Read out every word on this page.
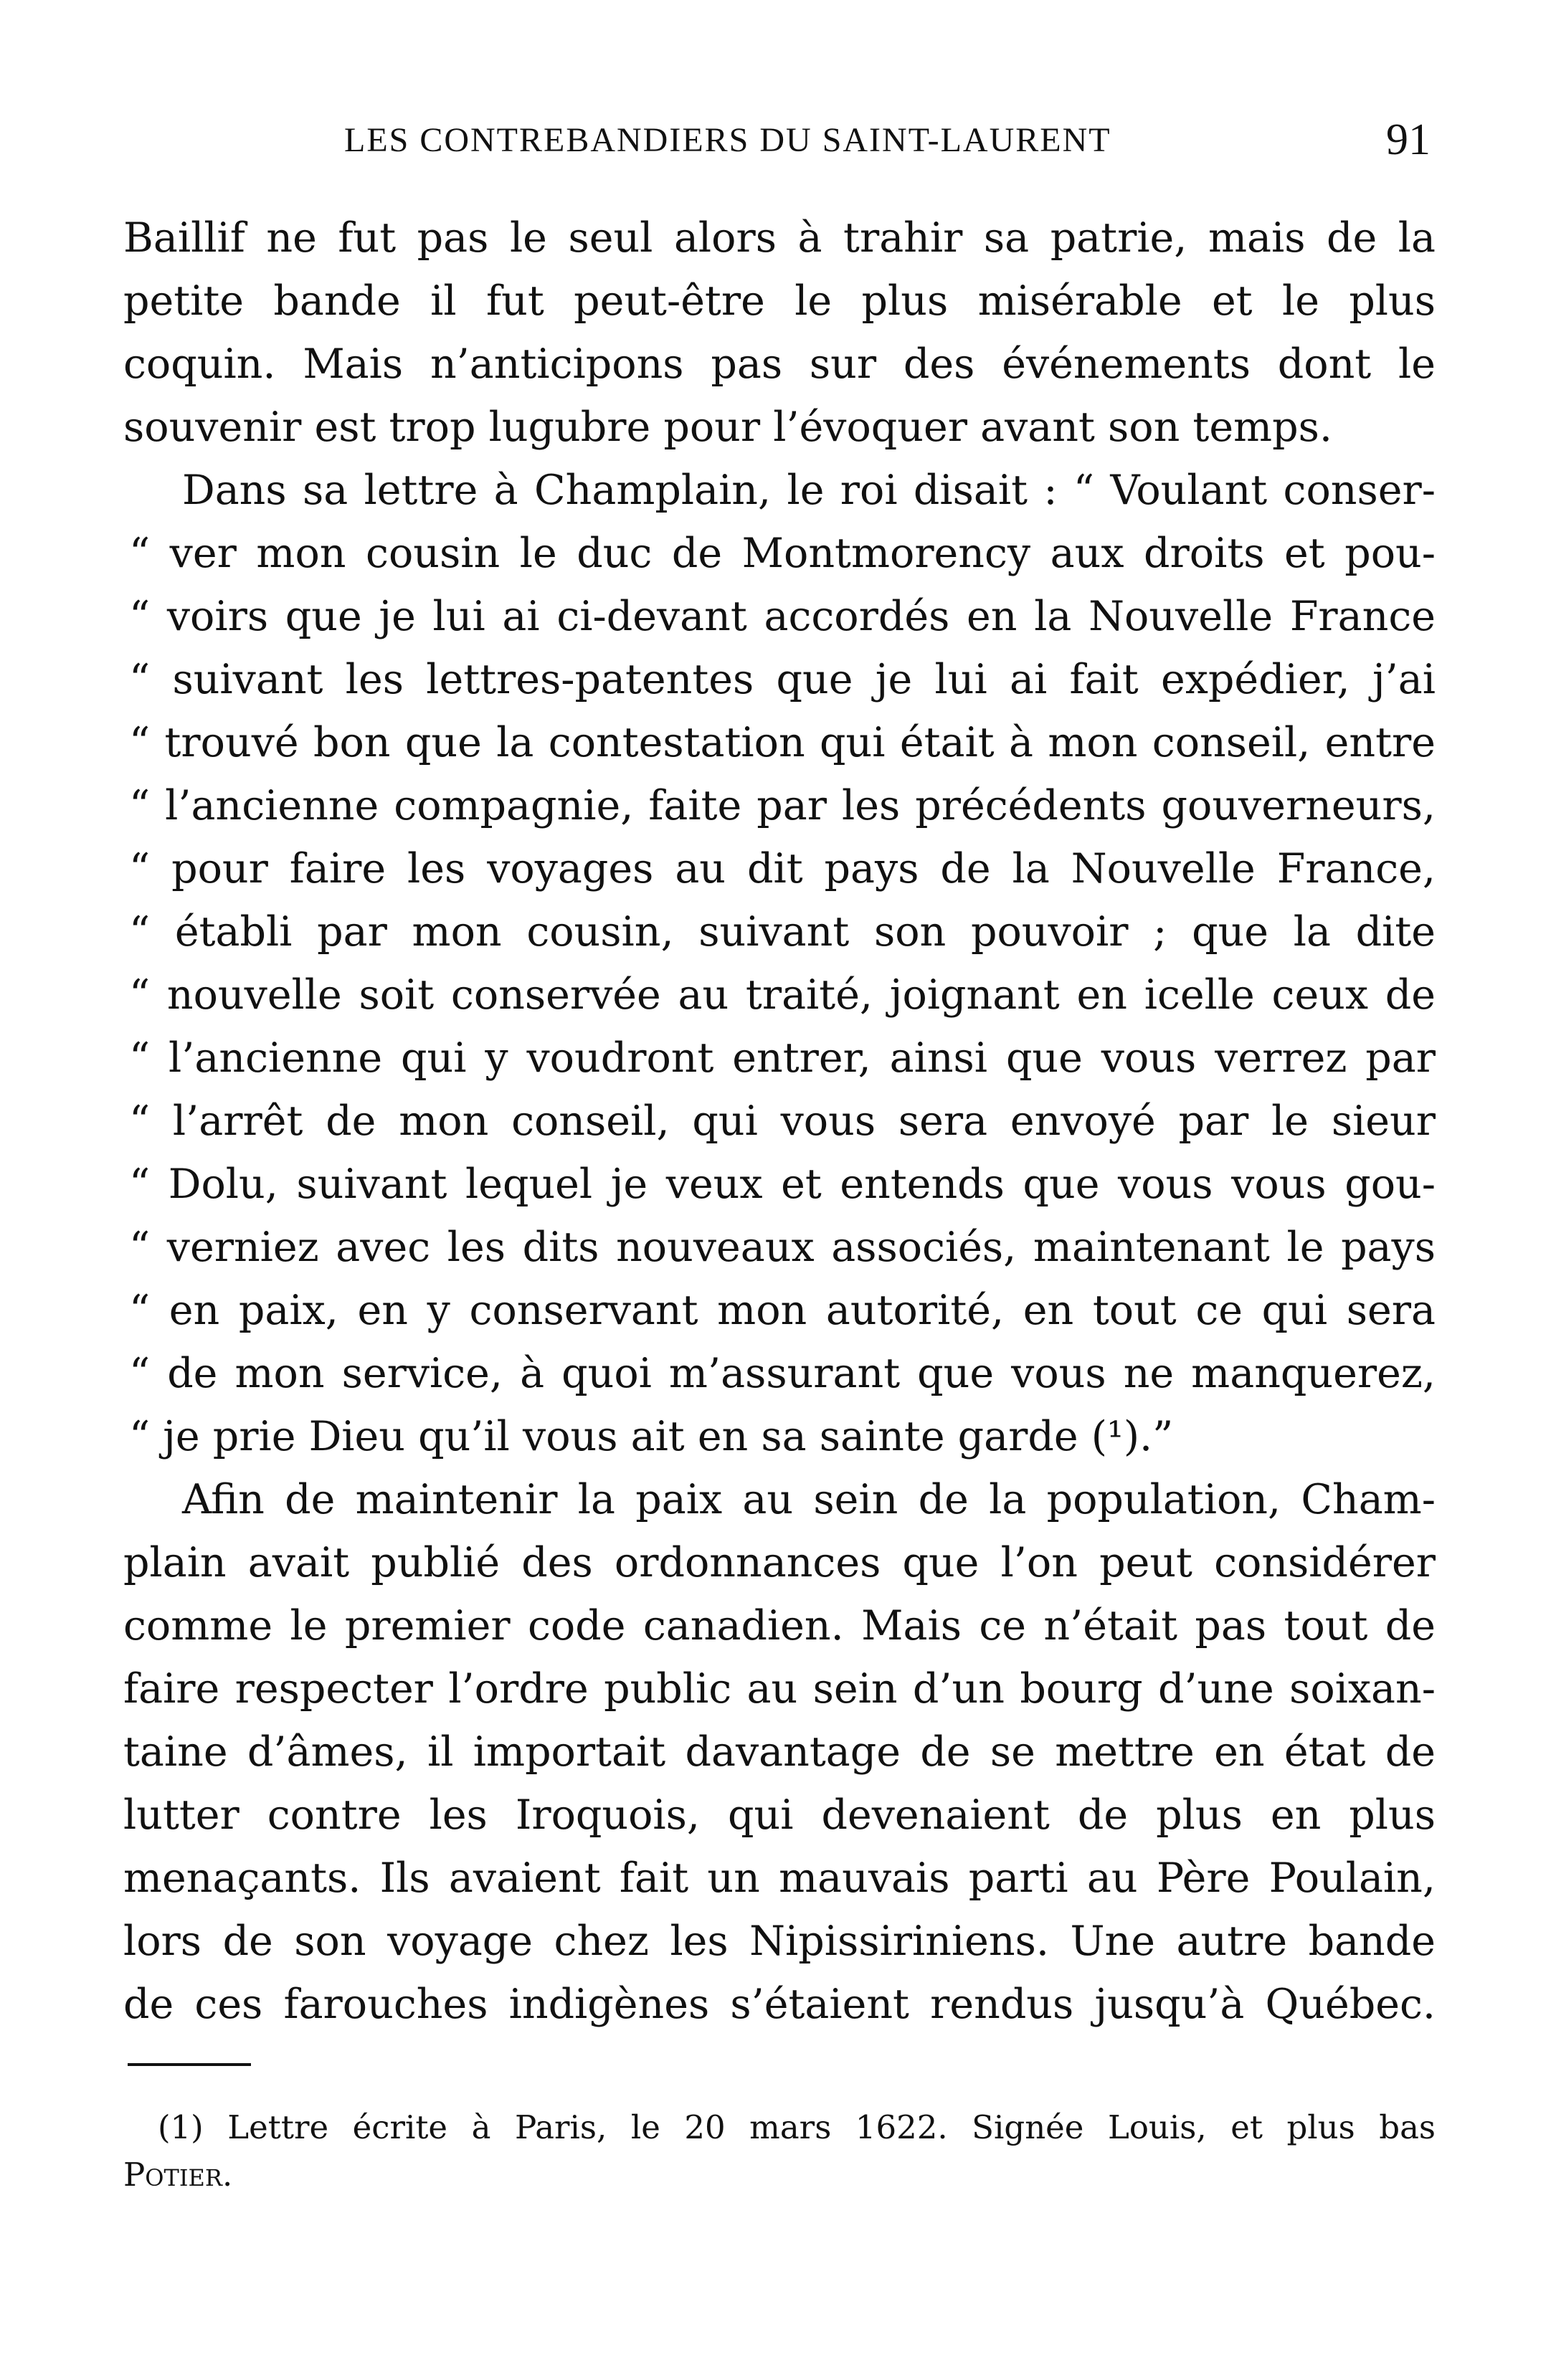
LES CONTREBANDIERS DU SAINT-LAURENT	91
Baillif ne fut pas le seul alors à trahir sa patrie, mais de la
petite bande il fut peut-être le plus misérable et le plus
coquin. Mais n’anticipons pas sur des événements dont le
souvenir est trop lugubre pour l’évoquer avant son temps.
Dans sa lettre à Champlain, le roi disait : “ Voulant conser-
“ ver mon cousin le duc de Montmorency aux droits et pou-
“ voirs que je lui ai ci-devant accordés en la Nouvelle France
“ suivant les lettres-patentes que je lui ai fait expédier, j’ai
“ trouvé bon que la contestation qui était à mon conseil, entre
“ l’ancienne compagnie, faite par les précédents gouverneurs,
“ pour faire les voyages au dit pays de la Nouvelle France,
“ établi par mon cousin, suivant son pouvoir ; que la dite
“ nouvelle soit conservée au traité, joignant en icelle ceux de
“ l’ancienne qui y voudront entrer, ainsi que vous verrez par
“ l’arrêt de mon conseil, qui vous sera envoyé par le sieur
“ Dolu, suivant lequel je veux et entends que vous vous gou-
“ verniez avec les dits nouveaux associés, maintenant le pays
“ en paix, en y conservant mon autorité, en tout ce qui sera
“ de mon service, à quoi m’assurant que vous ne manquerez,
“ je prie Dieu qu’il vous ait en sa sainte garde (¹).”
Afin de maintenir la paix au sein de la population, Cham-
plain avait publié des ordonnances que l’on peut considérer
comme le premier code canadien. Mais ce n’était pas tout de
faire respecter l’ordre public au sein d’un bourg d’une soixan-
taine d’âmes, il importait davantage de se mettre en état de
lutter contre les Iroquois, qui devenaient de plus en plus
menaçants. Ils avaient fait un mauvais parti au Père Poulain,
lors de son voyage chez les Nipissiriniens. Une autre bande
de ces farouches indigènes s’étaient rendus jusqu’à Québec.
(1) Lettre écrite à Paris, le 20 mars 1622. Signée Louis, et plus bas
Potier.
